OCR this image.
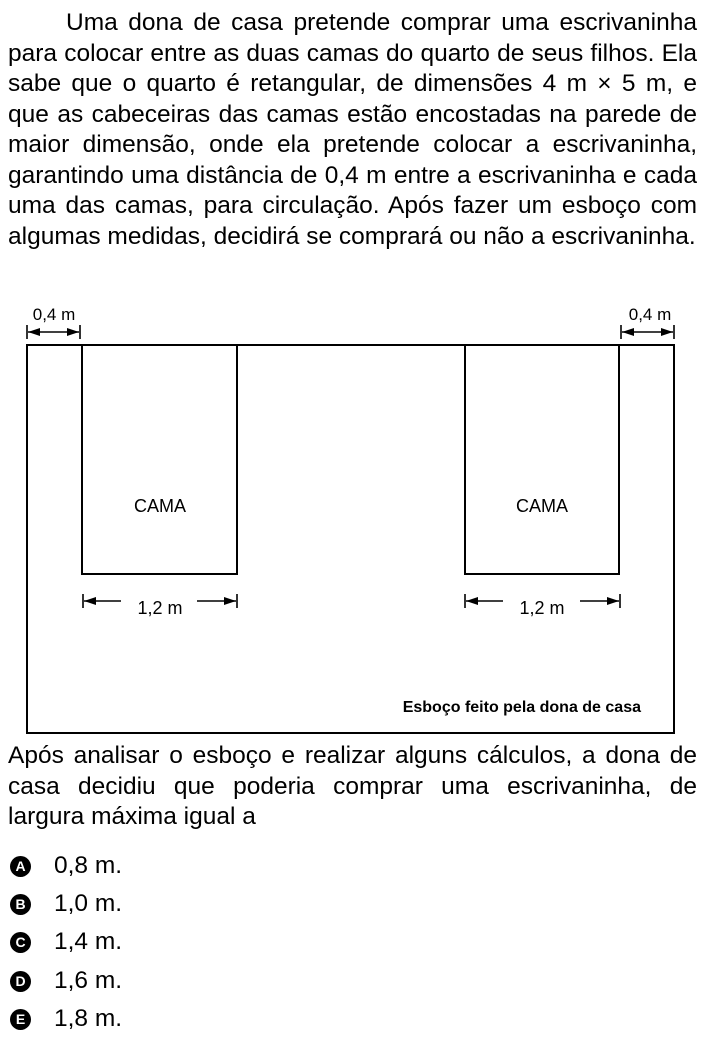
Uma dona de casa pretende comprar uma escrivaninha para colocar entre as duas camas do quarto de seus filhos. Ela sabe que o quarto é retangular, de dimensões 4 m × 5 m, e que as cabeceiras das camas estão encostadas na parede de maior dimensão, onde ela pretende colocar a escrivaninha, garantindo uma distância de 0,4 m entre a escrivaninha e cada uma das camas, para circulação. Após fazer um esboço com algumas medidas, decidirá se comprará ou não a escrivaninha.

CAMA	CAMA
0,4 m	0,4 m
1,2 m	1,2 m
Esboço feito pela dona de casa

Após analisar o esboço e realizar alguns cálculos, a dona de casa decidiu que poderia comprar uma escrivaninha, de largura máxima igual a

A 0,8 m.
B 1,0 m.
C 1,4 m.
D 1,6 m.
E 1,8 m.
